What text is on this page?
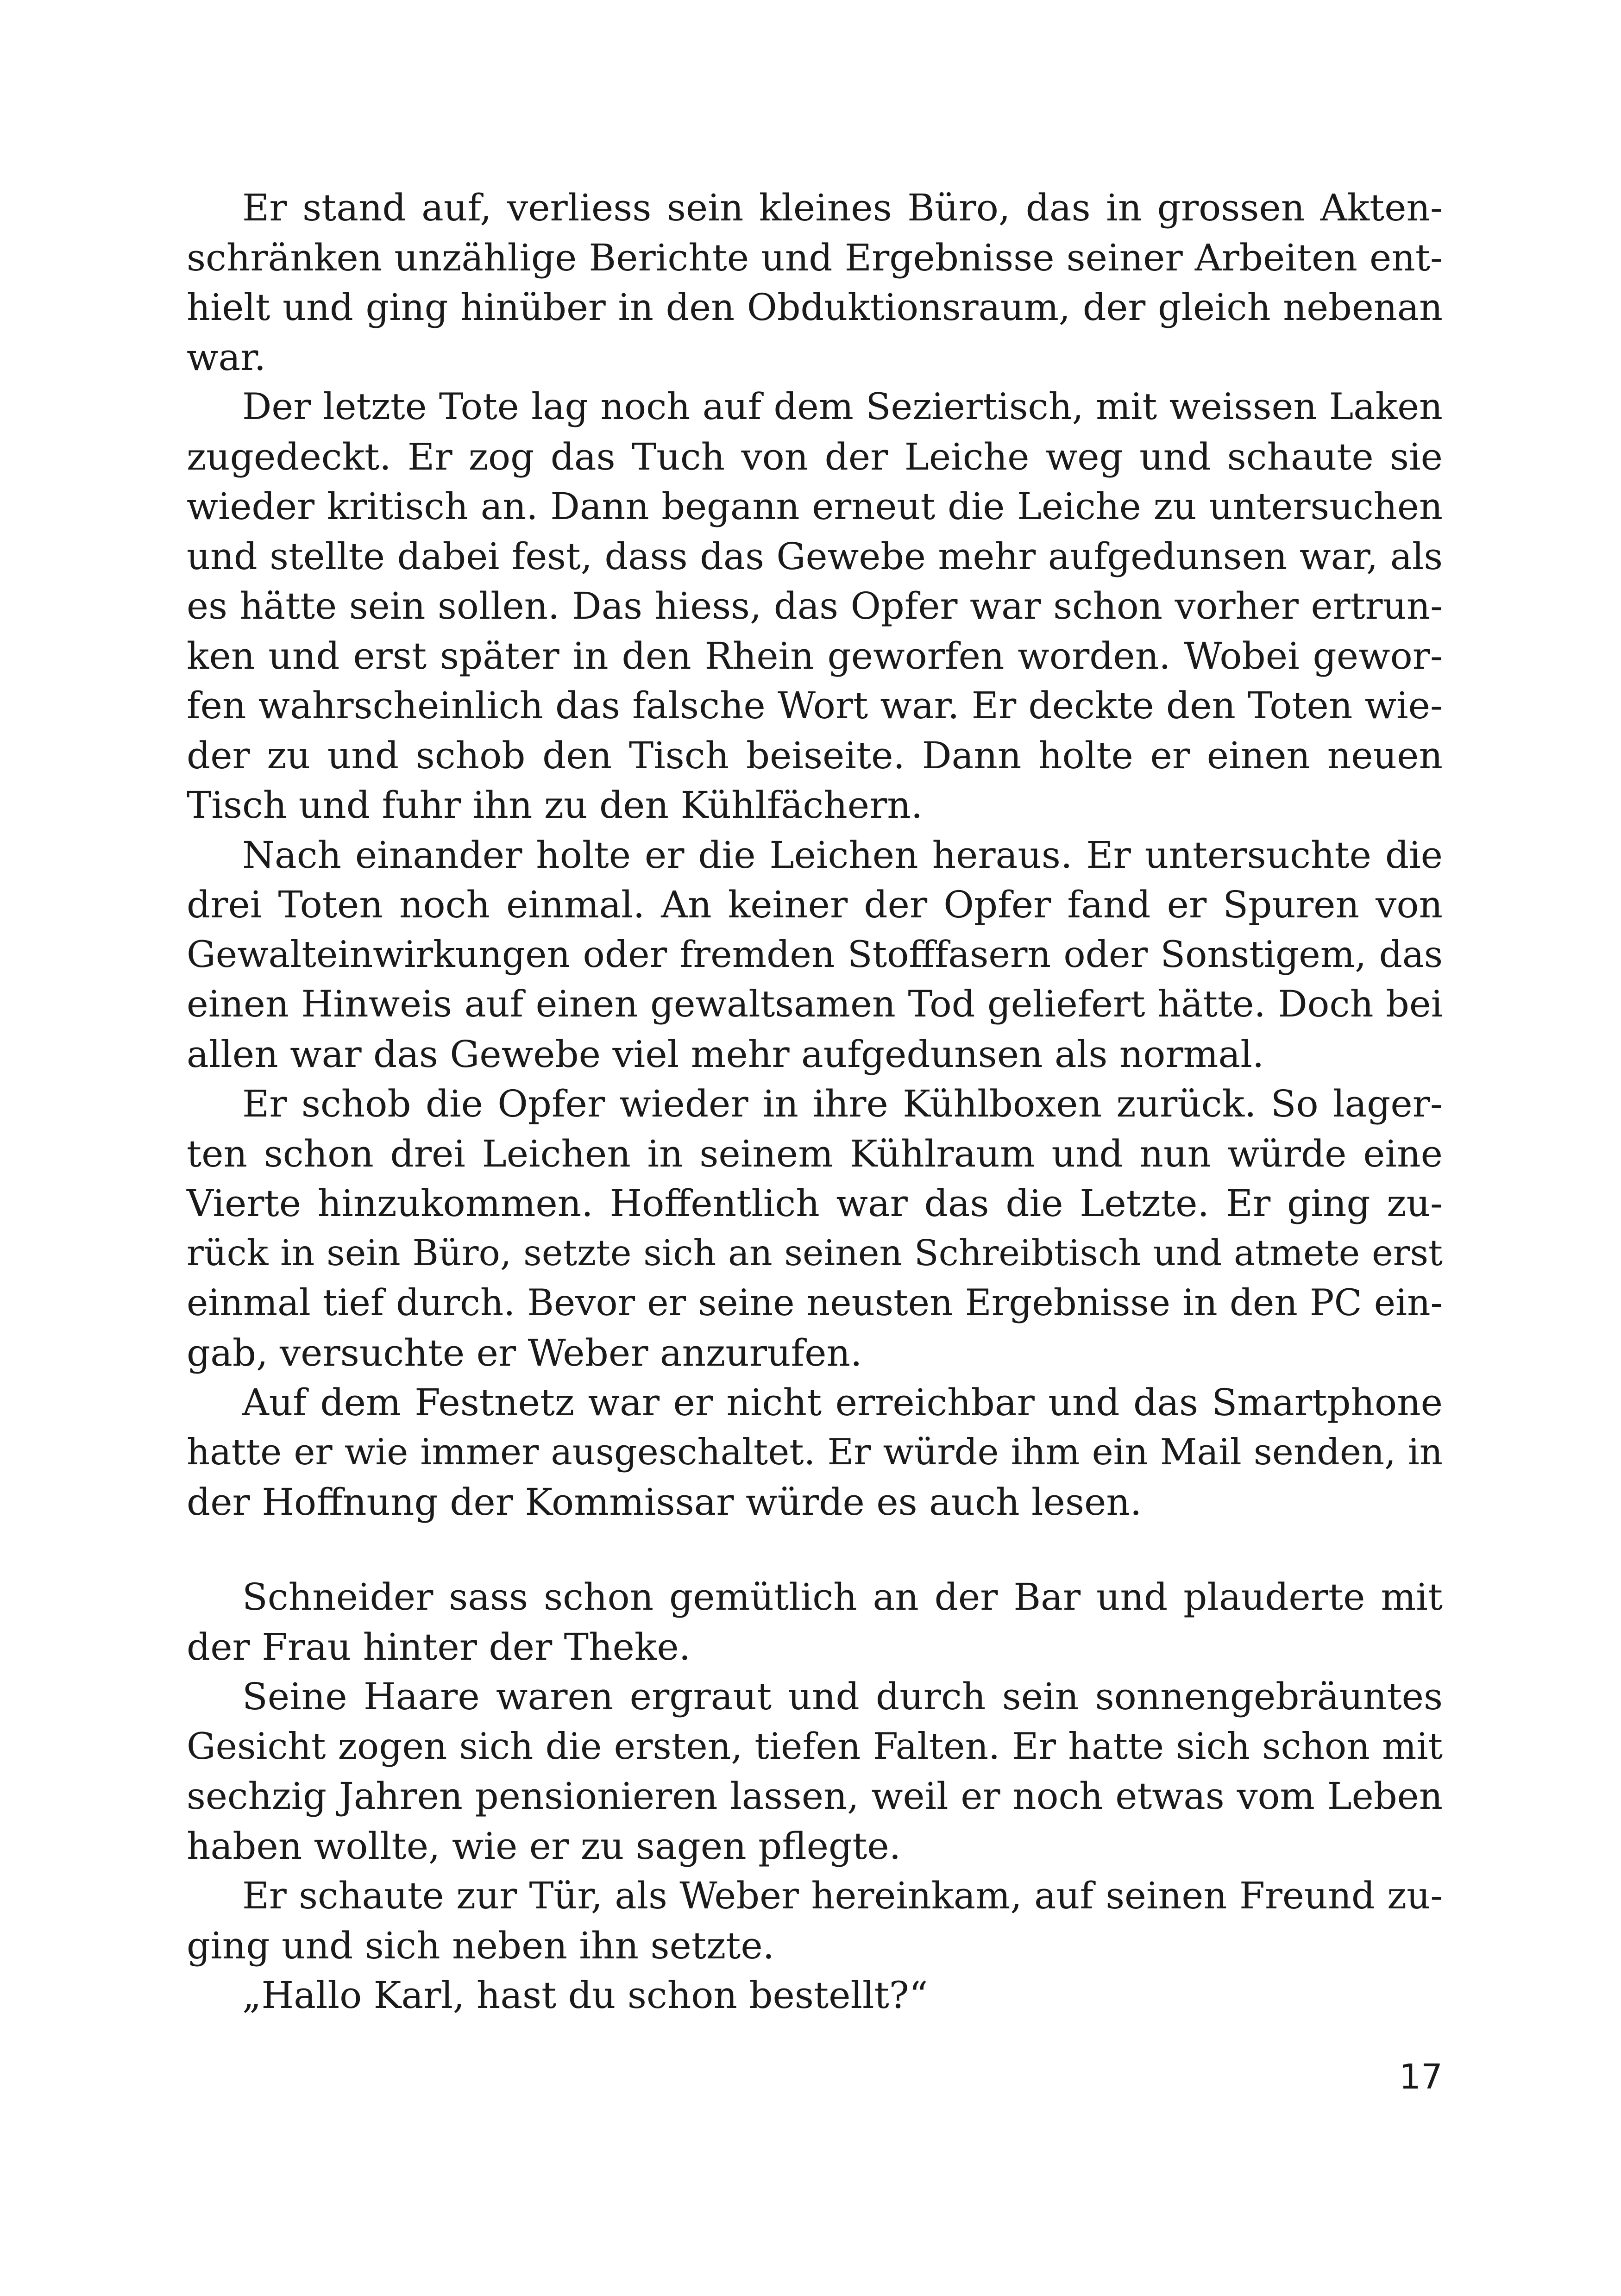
Er stand auf, verliess sein kleines Büro, das in grossen Akten-
schränken unzählige Berichte und Ergebnisse seiner Arbeiten ent-
hielt und ging hinüber in den Obduktionsraum, der gleich nebenan
war.
Der letzte Tote lag noch auf dem Seziertisch, mit weissen Laken
zugedeckt. Er zog das Tuch von der Leiche weg und schaute sie
wieder kritisch an. Dann begann erneut die Leiche zu untersuchen
und stellte dabei fest, dass das Gewebe mehr aufgedunsen war, als
es hätte sein sollen. Das hiess, das Opfer war schon vorher ertrun-
ken und erst später in den Rhein geworfen worden. Wobei gewor-
fen wahrscheinlich das falsche Wort war. Er deckte den Toten wie-
der zu und schob den Tisch beiseite. Dann holte er einen neuen
Tisch und fuhr ihn zu den Kühlfächern.
Nach einander holte er die Leichen heraus. Er untersuchte die
drei Toten noch einmal. An keiner der Opfer fand er Spuren von
Gewalteinwirkungen oder fremden Stofffasern oder Sonstigem, das
einen Hinweis auf einen gewaltsamen Tod geliefert hätte. Doch bei
allen war das Gewebe viel mehr aufgedunsen als normal.
Er schob die Opfer wieder in ihre Kühlboxen zurück. So lager-
ten schon drei Leichen in seinem Kühlraum und nun würde eine
Vierte hinzukommen. Hoffentlich war das die Letzte. Er ging zu-
rück in sein Büro, setzte sich an seinen Schreibtisch und atmete erst
einmal tief durch. Bevor er seine neusten Ergebnisse in den PC ein-
gab, versuchte er Weber anzurufen.
Auf dem Festnetz war er nicht erreichbar und das Smartphone
hatte er wie immer ausgeschaltet. Er würde ihm ein Mail senden, in
der Hoffnung der Kommissar würde es auch lesen.
Schneider sass schon gemütlich an der Bar und plauderte mit
der Frau hinter der Theke.
Seine Haare waren ergraut und durch sein sonnengebräuntes
Gesicht zogen sich die ersten, tiefen Falten. Er hatte sich schon mit
sechzig Jahren pensionieren lassen, weil er noch etwas vom Leben
haben wollte, wie er zu sagen pflegte.
Er schaute zur Tür, als Weber hereinkam, auf seinen Freund zu-
ging und sich neben ihn setzte.
„Hallo Karl, hast du schon bestellt?“
17
